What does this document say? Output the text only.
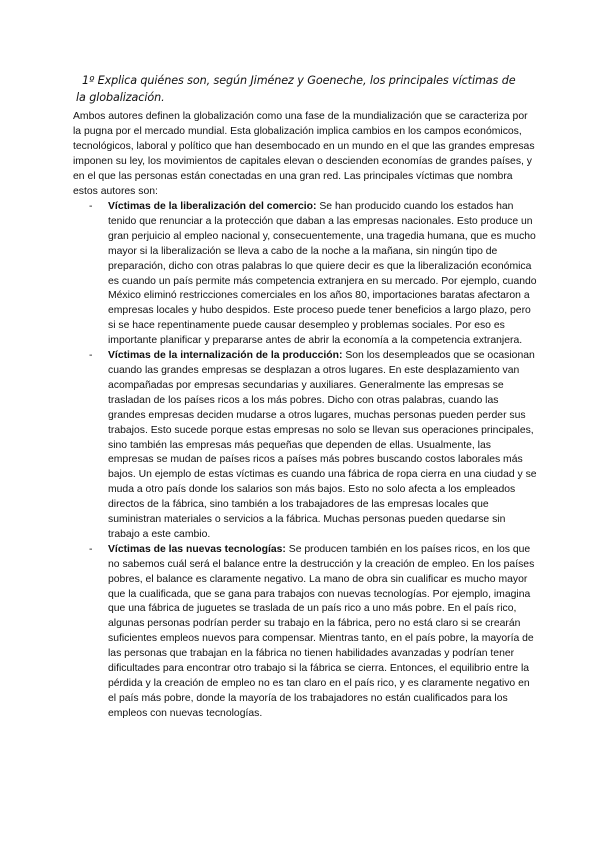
1º Explica quiénes son, según Jiménez y Goeneche, los principales víctimas de la globalización.
Ambos autores definen la globalización como una fase de la mundialización que se caracteriza por la pugna por el mercado mundial. Esta globalización implica cambios en los campos económicos, tecnológicos, laboral y político que han desembocado en un mundo en el que las grandes empresas imponen su ley, los movimientos de capitales elevan o descienden economías de grandes países, y en el que las personas están conectadas en una gran red. Las principales víctimas que nombra estos autores son:
- Víctimas de la liberalización del comercio: Se han producido cuando los estados han tenido que renunciar a la protección que daban a las empresas nacionales. Esto produce un gran perjuicio al empleo nacional y, consecuentemente, una tragedia humana, que es mucho mayor si la liberalización se lleva a cabo de la noche a la mañana, sin ningún tipo de preparación, dicho con otras palabras lo que quiere decir es que la liberalización económica es cuando un país permite más competencia extranjera en su mercado. Por ejemplo, cuando México eliminó restricciones comerciales en los años 80, importaciones baratas afectaron a empresas locales y hubo despidos. Este proceso puede tener beneficios a largo plazo, pero si se hace repentinamente puede causar desempleo y problemas sociales. Por eso es importante planificar y prepararse antes de abrir la economía a la competencia extranjera.
- Víctimas de la internalización de la producción: Son los desempleados que se ocasionan cuando las grandes empresas se desplazan a otros lugares. En este desplazamiento van acompañadas por empresas secundarias y auxiliares. Generalmente las empresas se trasladan de los países ricos a los más pobres. Dicho con otras palabras, cuando las grandes empresas deciden mudarse a otros lugares, muchas personas pueden perder sus trabajos. Esto sucede porque estas empresas no solo se llevan sus operaciones principales, sino también las empresas más pequeñas que dependen de ellas. Usualmente, las empresas se mudan de países ricos a países más pobres buscando costos laborales más bajos. Un ejemplo de estas víctimas es cuando una fábrica de ropa cierra en una ciudad y se muda a otro país donde los salarios son más bajos. Esto no solo afecta a los empleados directos de la fábrica, sino también a los trabajadores de las empresas locales que suministran materiales o servicios a la fábrica. Muchas personas pueden quedarse sin trabajo a este cambio.
- Víctimas de las nuevas tecnologías: Se producen también en los países ricos, en los que no sabemos cuál será el balance entre la destrucción y la creación de empleo. En los países pobres, el balance es claramente negativo. La mano de obra sin cualificar es mucho mayor que la cualificada, que se gana para trabajos con nuevas tecnologías. Por ejemplo, imagina que una fábrica de juguetes se traslada de un país rico a uno más pobre. En el país rico, algunas personas podrían perder su trabajo en la fábrica, pero no está claro si se crearán suficientes empleos nuevos para compensar. Mientras tanto, en el país pobre, la mayoría de las personas que trabajan en la fábrica no tienen habilidades avanzadas y podrían tener dificultades para encontrar otro trabajo si la fábrica se cierra. Entonces, el equilibrio entre la pérdida y la creación de empleo no es tan claro en el país rico, y es claramente negativo en el país más pobre, donde la mayoría de los trabajadores no están cualificados para los empleos con nuevas tecnologías.
